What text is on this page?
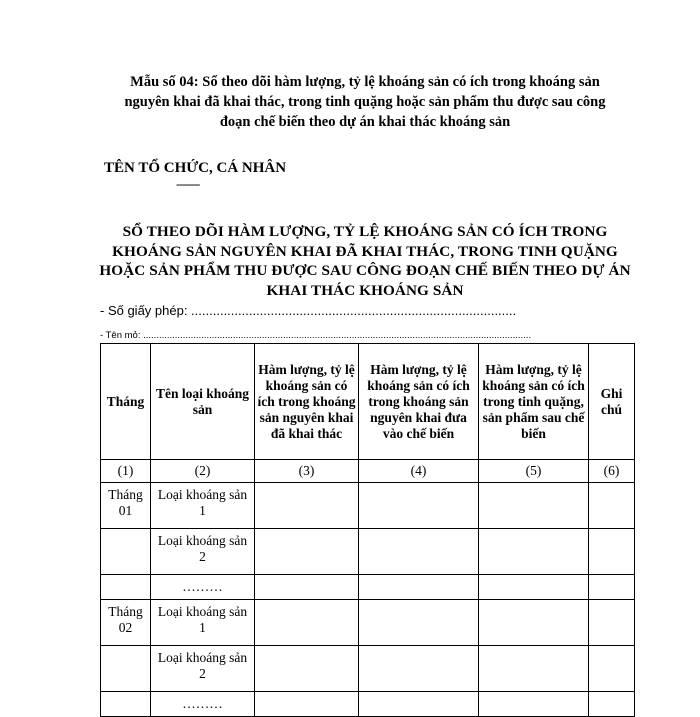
Mẫu số 04: Sổ theo dõi hàm lượng, tỷ lệ khoáng sản có ích trong khoáng sản nguyên khai đã khai thác, trong tinh quặng hoặc sản phẩm thu được sau công đoạn chế biến theo dự án khai thác khoáng sản
TÊN TỔ CHỨC, CÁ NHÂN
-------
SỔ THEO DÕI HÀM LƯỢNG, TỶ LỆ KHOÁNG SẢN CÓ ÍCH TRONG KHOÁNG SẢN NGUYÊN KHAI ĐÃ KHAI THÁC, TRONG TINH QUẶNG HOẶC SẢN PHẨM THU ĐƯỢC SAU CÔNG ĐOẠN CHẾ BIẾN THEO DỰ ÁN KHAI THÁC KHOÁNG SẢN
- Số giấy phép: ..........................................................................................
- Tên mỏ: ...................................................................................................................................................
Tháng	Tên loại khoáng sản	Hàm lượng, tỷ lệ khoáng sản có ích trong khoáng sản nguyên khai đã khai thác	Hàm lượng, tỷ lệ khoáng sản có ích trong khoáng sản nguyên khai đưa vào chế biến	Hàm lượng, tỷ lệ khoáng sản có ích trong tinh quặng, sản phẩm sau chế biến	Ghi chú
(1)	(2)	(3)	(4)	(5)	(6)
Tháng 01	Loại khoáng sản 1				
	Loại khoáng sản 2				
	………				
Tháng 02	Loại khoáng sản 1				
	Loại khoáng sản 2				
	………				
